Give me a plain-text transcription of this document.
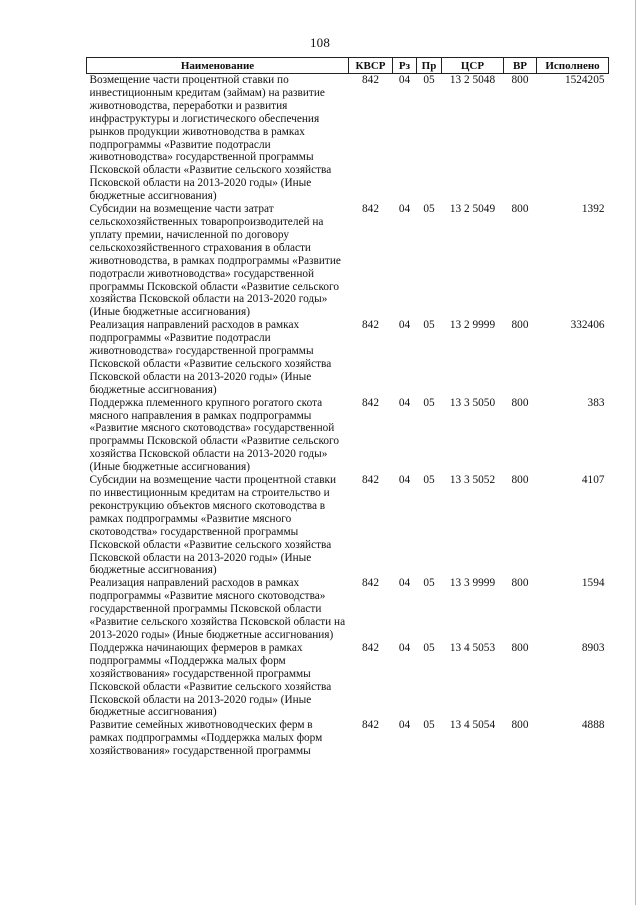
108
Наименование	КВСР	Рз	Пр	ЦСР	ВР	Исполнено
Возмещение части процентной ставки по инвестиционным кредитам (займам) на развитие животноводства, переработки и развития инфраструктуры и логистического обеспечения рынков продукции животноводства в рамках подпрограммы «Развитие подотрасли животноводства» государственной программы Псковской области «Развитие сельского хозяйства Псковской области на 2013-2020 годы» (Иные бюджетные ассигнования)	842	04	05	13 2 5048	800	1524205
Субсидии на возмещение части затрат сельскохозяйственных товаропроизводителей на уплату премии, начисленной по договору сельскохозяйственного страхования в области животноводства, в рамках подпрограммы «Развитие подотрасли животноводства» государственной программы Псковской области «Развитие сельского хозяйства Псковской области на 2013-2020 годы» (Иные бюджетные ассигнования)	842	04	05	13 2 5049	800	1392
Реализация направлений расходов в рамках подпрограммы «Развитие подотрасли животноводства» государственной программы Псковской области «Развитие сельского хозяйства Псковской области на 2013-2020 годы» (Иные бюджетные ассигнования)	842	04	05	13 2 9999	800	332406
Поддержка племенного крупного рогатого скота мясного направления в рамках подпрограммы «Развитие мясного скотоводства» государственной программы Псковской области «Развитие сельского хозяйства Псковской области на 2013-2020 годы» (Иные бюджетные ассигнования)	842	04	05	13 3 5050	800	383
Субсидии на возмещение части процентной ставки по инвестиционным кредитам на строительство и реконструкцию объектов мясного скотоводства в рамках подпрограммы «Развитие мясного скотоводства» государственной программы Псковской области «Развитие сельского хозяйства Псковской области на 2013-2020 годы» (Иные бюджетные ассигнования)	842	04	05	13 3 5052	800	4107
Реализация направлений расходов в рамках подпрограммы «Развитие мясного скотоводства» государственной программы Псковской области «Развитие сельского хозяйства Псковской области на 2013-2020 годы» (Иные бюджетные ассигнования)	842	04	05	13 3 9999	800	1594
Поддержка начинающих фермеров в рамках подпрограммы «Поддержка малых форм хозяйствования» государственной программы Псковской области «Развитие сельского хозяйства Псковской области на 2013-2020 годы» (Иные бюджетные ассигнования)	842	04	05	13 4 5053	800	8903
Развитие семейных животноводческих ферм в рамках подпрограммы «Поддержка малых форм хозяйствования» государственной программы	842	04	05	13 4 5054	800	4888
